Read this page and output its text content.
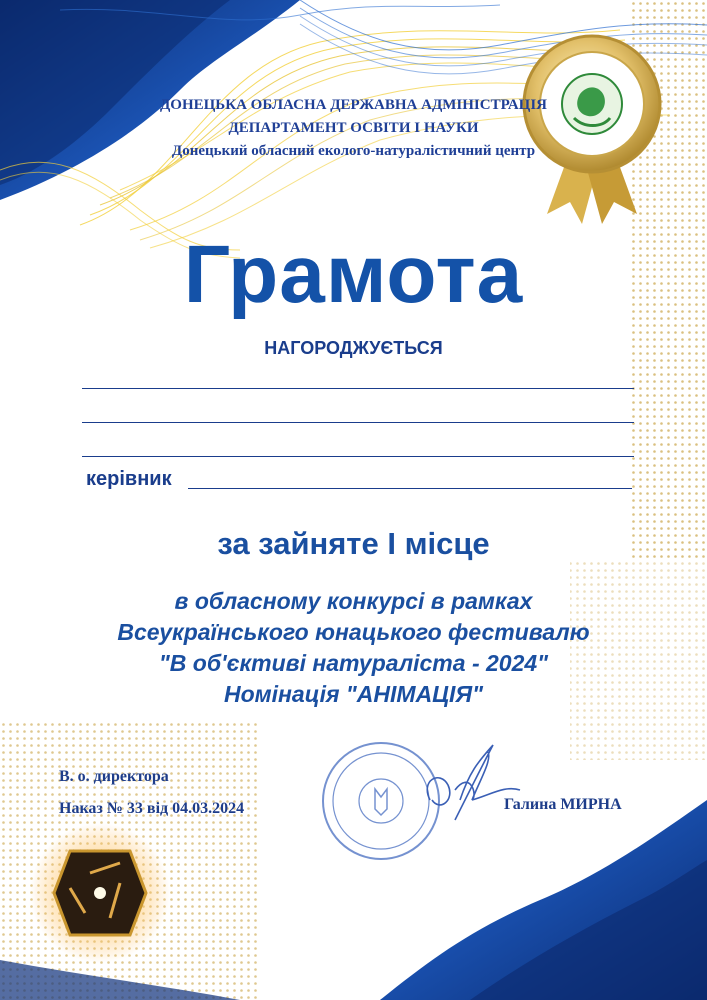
ДОНЕЦЬКА ОБЛАСНА ДЕРЖАВНА АДМІНІСТРАЦІЯ

ДЕПАРТАМЕНТ ОСВІТИ І НАУКИ

Донецький обласний еколого-натуралістичний центр

Грамота

НАГОРОДЖУЄТЬСЯ

керівник

за зайняте І місце

в обласному конкурсі в рамках
Всеукраїнського юнацького фестивалю
"В об'єктиві натураліста - 2024"
Номінація "АНІМАЦІЯ"

В. о. директора
Наказ № 33 від 04.03.2024	Галина МИРНА
